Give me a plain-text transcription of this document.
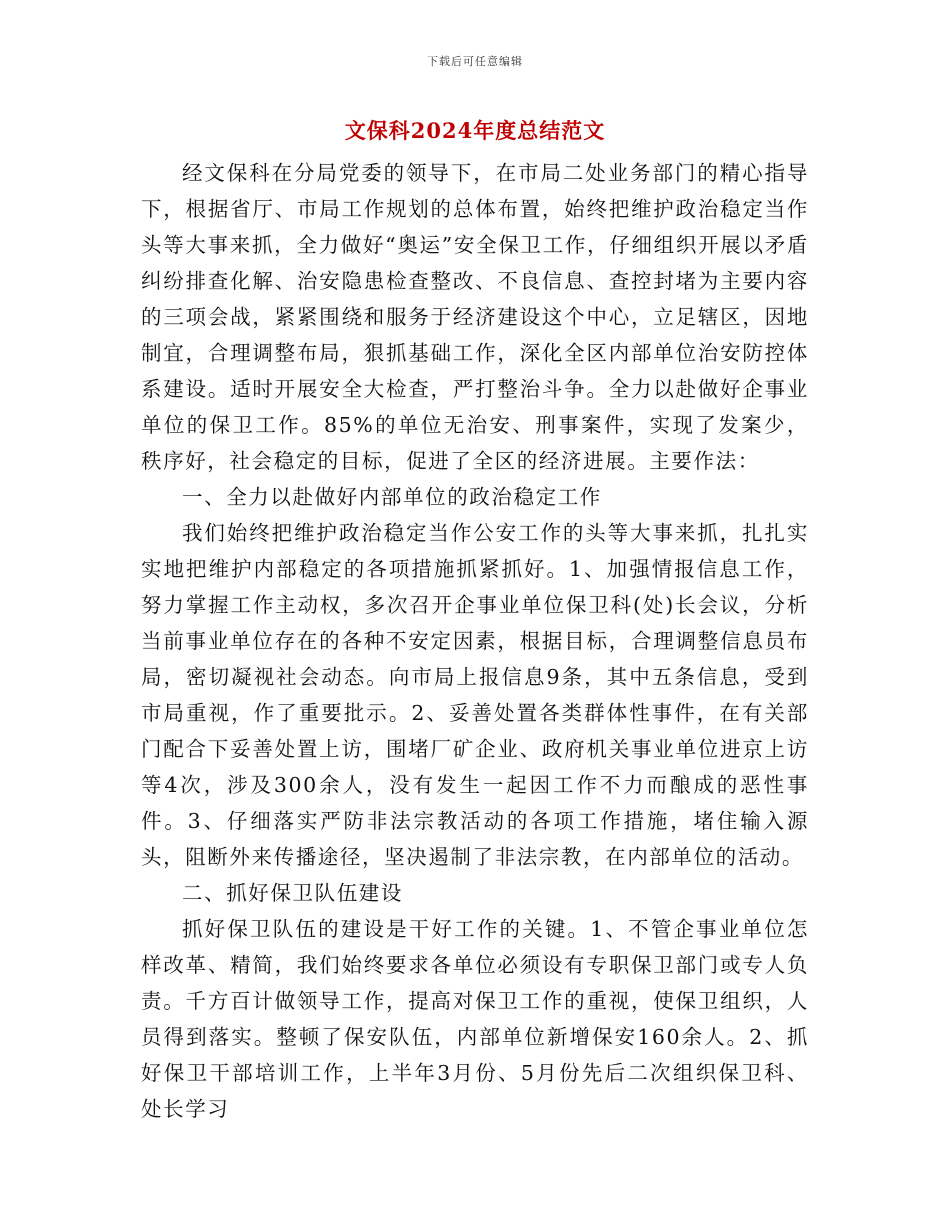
下载后可任意编辑
文保科2024年度总结范文

经文保科在分局党委的领导下，在市局二处业务部门的精心指导下，根据省厅、市局工作规划的总体布置，始终把维护政治稳定当作头等大事来抓，全力做好“奥运”安全保卫工作，仔细组织开展以矛盾纠纷排查化解、治安隐患检查整改、不良信息、查控封堵为主要内容的三项会战，紧紧围绕和服务于经济建设这个中心，立足辖区，因地制宜，合理调整布局，狠抓基础工作，深化全区内部单位治安防控体系建设。适时开展安全大检查，严打整治斗争。全力以赴做好企事业单位的保卫工作。85%的单位无治安、刑事案件，实现了发案少，秩序好，社会稳定的目标，促进了全区的经济进展。主要作法：

一、全力以赴做好内部单位的政治稳定工作

我们始终把维护政治稳定当作公安工作的头等大事来抓，扎扎实实地把维护内部稳定的各项措施抓紧抓好。1、加强情报信息工作，努力掌握工作主动权，多次召开企事业单位保卫科(处)长会议，分析当前事业单位存在的各种不安定因素，根据目标，合理调整信息员布局，密切凝视社会动态。向市局上报信息9条，其中五条信息，受到市局重视，作了重要批示。2、妥善处置各类群体性事件，在有关部门配合下妥善处置上访，围堵厂矿企业、政府机关事业单位进京上访等4次，涉及300余人，没有发生一起因工作不力而酿成的恶性事件。3、仔细落实严防非法宗教活动的各项工作措施，堵住输入源头，阻断外来传播途径，坚决遏制了非法宗教，在内部单位的活动。

二、抓好保卫队伍建设

抓好保卫队伍的建设是干好工作的关键。1、不管企事业单位怎样改革、精简，我们始终要求各单位必须设有专职保卫部门或专人负责。千方百计做领导工作，提高对保卫工作的重视，使保卫组织，人员得到落实。整顿了保安队伍，内部单位新增保安160余人。2、抓好保卫干部培训工作，上半年3月份、5月份先后二次组织保卫科、处长学习
